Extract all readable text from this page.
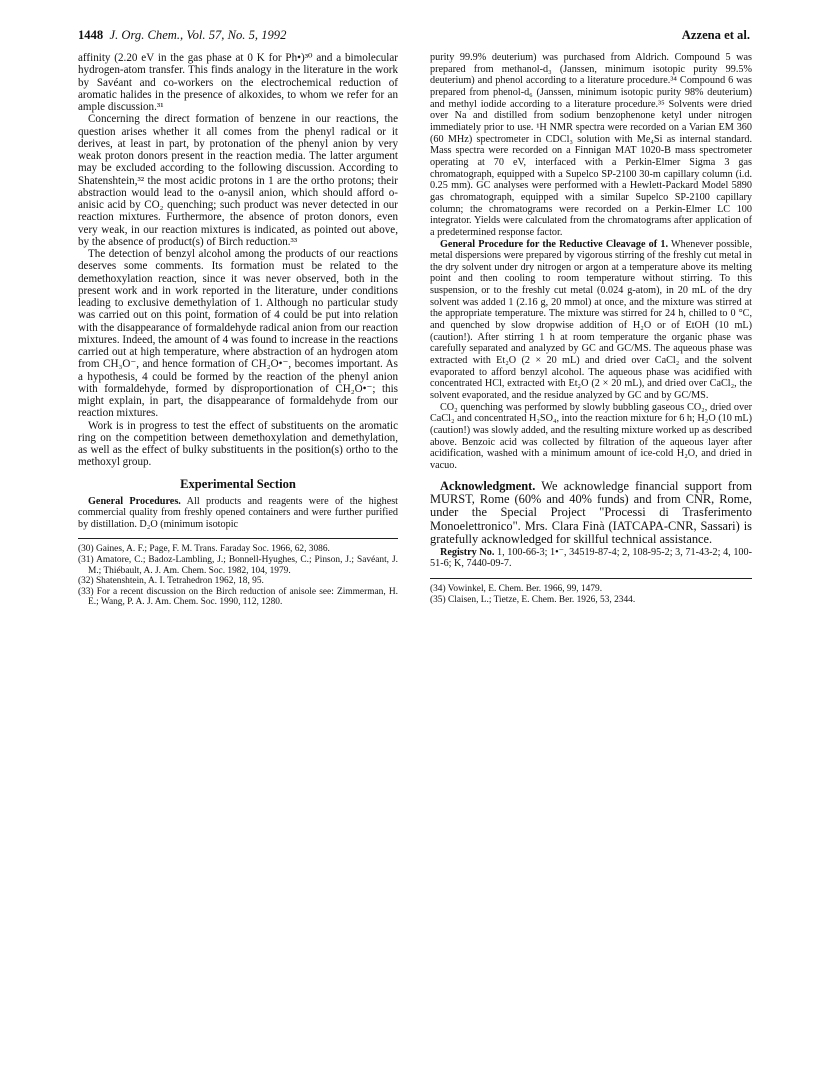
1448 J. Org. Chem., Vol. 57, No. 5, 1992	Azzena et al.

affinity (2.20 eV in the gas phase at 0 K for Ph•)³⁰ and a bimolecular hydrogen-atom transfer. This finds analogy in the literature in the work by Savéant and co-workers on the electrochemical reduction of aromatic halides in the presence of alkoxides, to whom we refer for an ample discussion.³¹

Concerning the direct formation of benzene in our reactions, the question arises whether it all comes from the phenyl radical or it derives, at least in part, by protonation of the phenyl anion by very weak proton donors present in the reaction media. The latter argument may be excluded according to the following discussion. According to Shatenshtein,³² the most acidic protons in 1 are the ortho protons; their abstraction would lead to the o-anysil anion, which should afford o-anisic acid by CO₂ quenching; such product was never detected in our reaction mixtures. Furthermore, the absence of proton donors, even very weak, in our reaction mixtures is indicated, as pointed out above, by the absence of product(s) of Birch reduction.³³

The detection of benzyl alcohol among the products of our reactions deserves some comments. Its formation must be related to the demethoxylation reaction, since it was never observed, both in the present work and in work reported in the literature, under conditions leading to exclusive demethylation of 1. Although no particular study was carried out on this point, formation of 4 could be put into relation with the disappearance of formaldehyde radical anion from our reaction mixtures. Indeed, the amount of 4 was found to increase in the reactions carried out at high temperature, where abstraction of an hydrogen atom from CH₃O⁻, and hence formation of CH₂O•⁻, becomes important. As a hypothesis, 4 could be formed by the reaction of the phenyl anion with formaldehyde, formed by disproportionation of CH₂O•⁻; this might explain, in part, the disappearance of formaldehyde from our reaction mixtures.

Work is in progress to test the effect of substituents on the aromatic ring on the competition between demethoxylation and demethylation, as well as the effect of bulky substituents in the position(s) ortho to the methoxyl group.

Experimental Section

General Procedures. All products and reagents were of the highest commercial quality from freshly opened containers and were further purified by distillation. D₂O (minimum isotopic

(30) Gaines, A. F.; Page, F. M. Trans. Faraday Soc. 1966, 62, 3086.

(31) Amatore, C.; Badoz-Lambling, J.; Bonnell-Hyughes, C.; Pinson, J.; Savéant, J. M.; Thiébault, A. J. Am. Chem. Soc. 1982, 104, 1979.

(32) Shatenshtein, A. I. Tetrahedron 1962, 18, 95.

(33) For a recent discussion on the Birch reduction of anisole see: Zimmerman, H. E.; Wang, P. A. J. Am. Chem. Soc. 1990, 112, 1280.

purity 99.9% deuterium) was purchased from Aldrich. Compound 5 was prepared from methanol-d₃ (Janssen, minimum isotopic purity 99.5% deuterium) and phenol according to a literature procedure.³⁴ Compound 6 was prepared from phenol-d₆ (Janssen, minimum isotopic purity 98% deuterium) and methyl iodide according to a literature procedure.³⁵ Solvents were dried over Na and distilled from sodium benzophenone ketyl under nitrogen immediately prior to use. ¹H NMR spectra were recorded on a Varian EM 360 (60 MHz) spectrometer in CDCl₃ solution with Me₄Si as internal standard. Mass spectra were recorded on a Finnigan MAT 1020-B mass spectrometer operating at 70 eV, interfaced with a Perkin-Elmer Sigma 3 gas chromatograph, equipped with a Supelco SP-2100 30-m capillary column (i.d. 0.25 mm). GC analyses were performed with a Hewlett-Packard Model 5890 gas chromatograph, equipped with a similar Supelco SP-2100 capillary column; the chromatograms were recorded on a Perkin-Elmer LC 100 integrator. Yields were calculated from the chromatograms after application of a predetermined response factor.

General Procedure for the Reductive Cleavage of 1. Whenever possible, metal dispersions were prepared by vigorous stirring of the freshly cut metal in the dry solvent under dry nitrogen or argon at a temperature above its melting point and then cooling to room temperature without stirring. To this suspension, or to the freshly cut metal (0.024 g-atom), in 20 mL of the dry solvent was added 1 (2.16 g, 20 mmol) at once, and the mixture was stirred at the appropriate temperature. The mixture was stirred for 24 h, chilled to 0 °C, and quenched by slow dropwise addition of H₂O or of EtOH (10 mL) (caution!). After stirring 1 h at room temperature the organic phase was carefully separated and analyzed by GC and GC/MS. The aqueous phase was extracted with Et₂O (2 × 20 mL) and dried over CaCl₂ and the solvent evaporated to afford benzyl alcohol. The aqueous phase was acidified with concentrated HCl, extracted with Et₂O (2 × 20 mL), and dried over CaCl₂, the solvent evaporated, and the residue analyzed by GC and by GC/MS.

CO₂ quenching was performed by slowly bubbling gaseous CO₂, dried over CaCl₂ and concentrated H₂SO₄, into the reaction mixture for 6 h; H₂O (10 mL) (caution!) was slowly added, and the resulting mixture worked up as described above. Benzoic acid was collected by filtration of the aqueous layer after acidification, washed with a minimum amount of ice-cold H₂O, and dried in vacuo.

Acknowledgment. We acknowledge financial support from MURST, Rome (60% and 40% funds) and from CNR, Rome, under the Special Project "Processi di Trasferimento Monoelettronico". Mrs. Clara Finà (IATCAPA-CNR, Sassari) is gratefully acknowledged for skillful technical assistance.

Registry No. 1, 100-66-3; 1•⁻, 34519-87-4; 2, 108-95-2; 3, 71-43-2; 4, 100-51-6; K, 7440-09-7.

(34) Vowinkel, E. Chem. Ber. 1966, 99, 1479.

(35) Claisen, L.; Tietze, E. Chem. Ber. 1926, 53, 2344.
